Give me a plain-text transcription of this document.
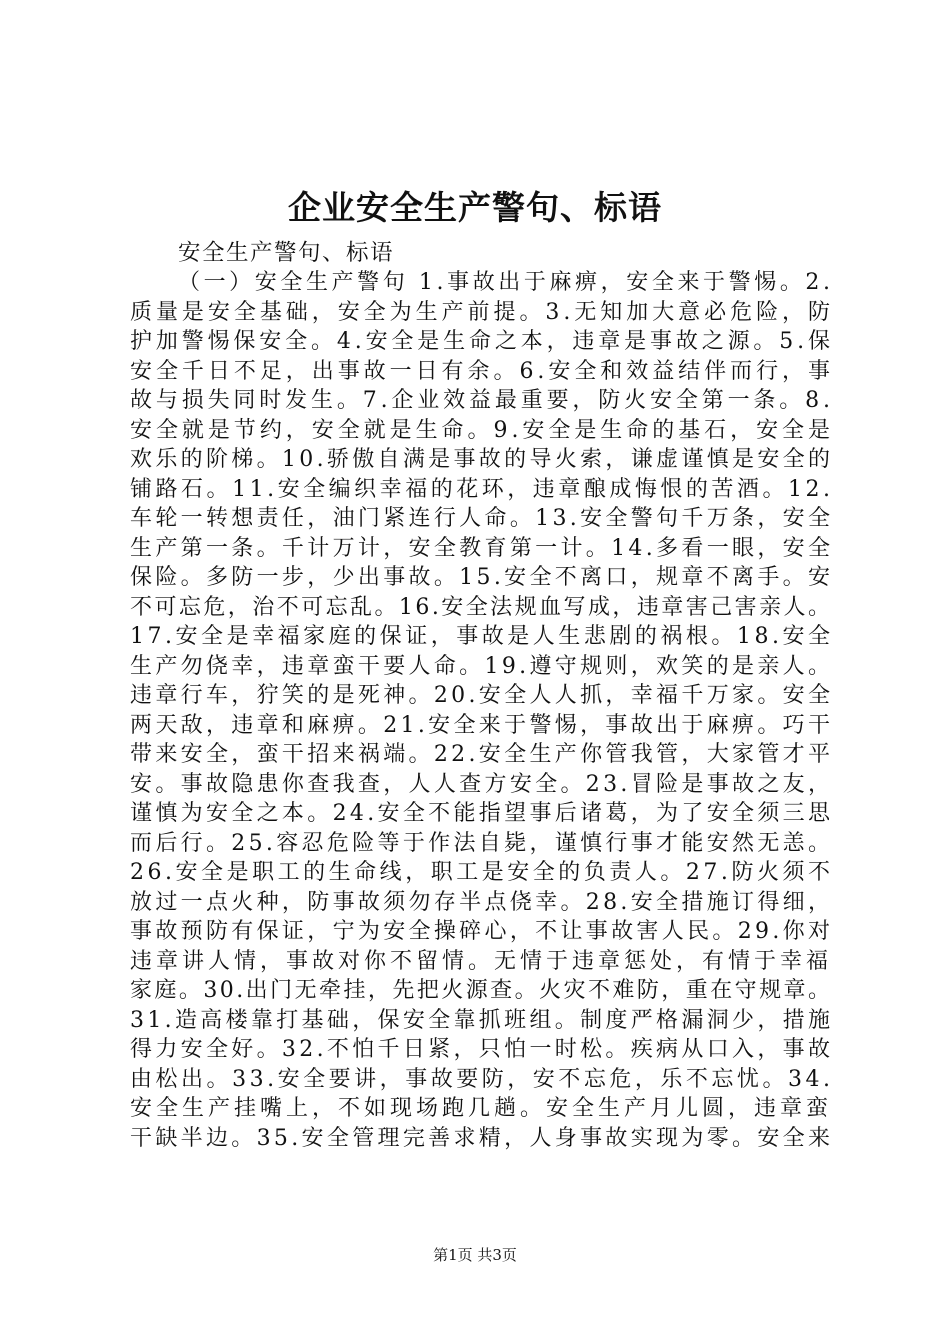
企业安全生产警句、标语

安全生产警句、标语

（一）安全生产警句 1.事故出于麻痹，安全来于警惕。2.
质量是安全基础，安全为生产前提。3.无知加大意必危险，防
护加警惕保安全。4.安全是生命之本，违章是事故之源。5.保
安全千日不足，出事故一日有余。6.安全和效益结伴而行，事
故与损失同时发生。7.企业效益最重要，防火安全第一条。8.
安全就是节约，安全就是生命。9.安全是生命的基石，安全是
欢乐的阶梯。10.骄傲自满是事故的导火索，谦虚谨慎是安全的
铺路石。11.安全编织幸福的花环，违章酿成悔恨的苦酒。12.
车轮一转想责任，油门紧连行人命。13.安全警句千万条，安全
生产第一条。千计万计，安全教育第一计。14.多看一眼，安全
保险。多防一步，少出事故。15.安全不离口，规章不离手。安
不可忘危，治不可忘乱。16.安全法规血写成，违章害己害亲人。
17.安全是幸福家庭的保证，事故是人生悲剧的祸根。18.安全
生产勿侥幸，违章蛮干要人命。19.遵守规则，欢笑的是亲人。
违章行车，狞笑的是死神。20.安全人人抓，幸福千万家。安全
两天敌，违章和麻痹。21.安全来于警惕，事故出于麻痹。巧干
带来安全，蛮干招来祸端。22.安全生产你管我管，大家管才平
安。事故隐患你查我查，人人查方安全。23.冒险是事故之友，
谨慎为安全之本。24.安全不能指望事后诸葛，为了安全须三思
而后行。25.容忍危险等于作法自毙，谨慎行事才能安然无恙。
26.安全是职工的生命线，职工是安全的负责人。27.防火须不
放过一点火种，防事故须勿存半点侥幸。28.安全措施订得细，
事故预防有保证，宁为安全操碎心，不让事故害人民。29.你对
违章讲人情，事故对你不留情。无情于违章惩处，有情于幸福
家庭。30.出门无牵挂，先把火源查。火灾不难防，重在守规章。
31.造高楼靠打基础，保安全靠抓班组。制度严格漏洞少，措施
得力安全好。32.不怕千日紧，只怕一时松。疾病从口入，事故
由松出。33.安全要讲，事故要防，安不忘危，乐不忘忧。34.
安全生产挂嘴上，不如现场跑几趟。安全生产月儿圆，违章蛮
干缺半边。35.安全管理完善求精，人身事故实现为零。安全来
第1页 共3页
